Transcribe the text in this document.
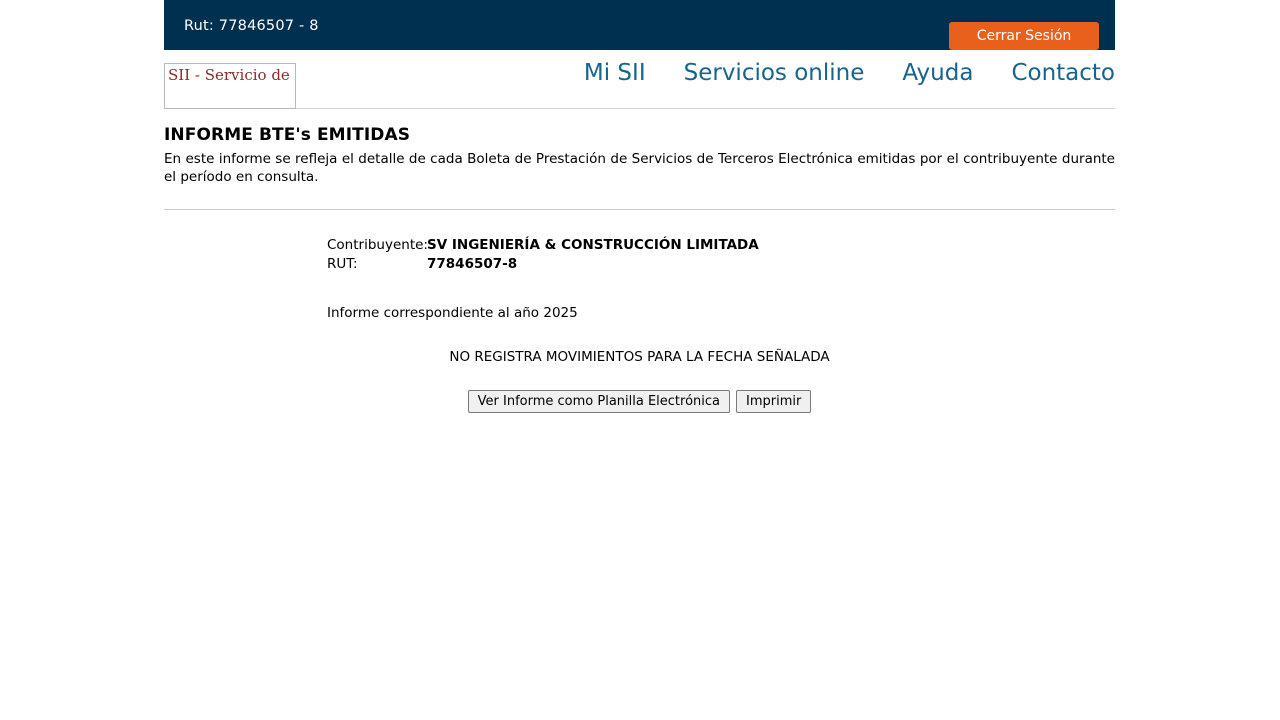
Rut: 77846507 - 8
Cerrar Sesión
SII - Servicio de	Mi SII Servicios online Ayuda Contacto
INFORME BTE's EMITIDAS

En este informe se refleja el detalle de cada Boleta de Prestación de Servicios de Terceros Electrónica emitidas por el contribuyente durante el período en consulta.

Contribuyente: SV INGENIERÍA & CONSTRUCCIÓN LIMITADA
RUT:	77846507-8
Informe correspondiente al año 2025
NO REGISTRA MOVIMIENTOS PARA LA FECHA SEÑALADA
Ver Informe como Planilla Electrónica	Imprimir
